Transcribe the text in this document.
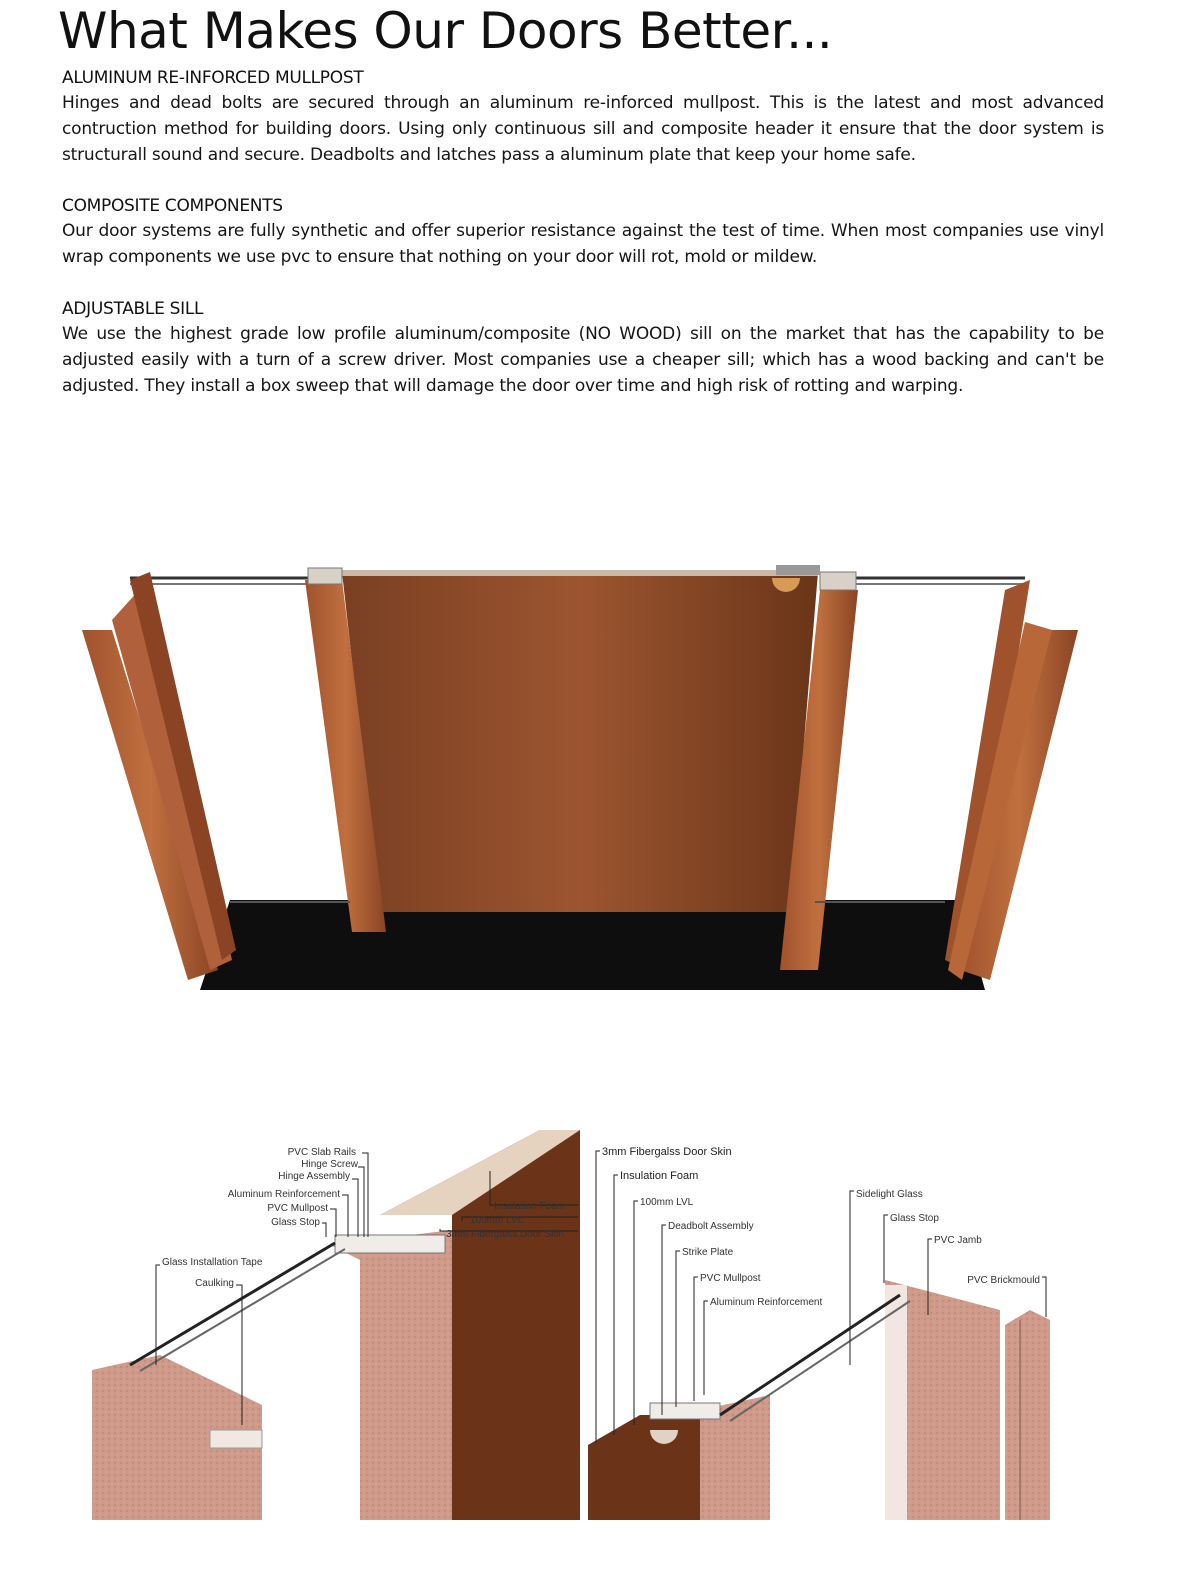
What Makes Our Doors Better...
ALUMINUM RE-INFORCED MULLPOST

Hinges and dead bolts are secured through an aluminum re-inforced mullpost. This is the latest and most advanced contruction method for building doors. Using only continuous sill and composite header it ensure that the door system is structurall sound and secure. Deadbolts and latches pass a aluminum plate that keep your home safe.

COMPOSITE COMPONENTS

Our door systems are fully synthetic and offer superior resistance against the test of time. When most companies use vinyl wrap components we use pvc to ensure that nothing on your door will rot, mold or mildew.

ADJUSTABLE SILL

We use the highest grade low profile aluminum/composite (NO WOOD) sill on the market that has the capability to be adjusted easily with a turn of a screw driver. Most companies use a cheaper sill; which has a wood backing and can't be adjusted. They install a box sweep that will damage the door over time and high risk of rotting and warping.

PVC Slab Rails
Hinge Screw
Hinge Assembly
Aluminum Reinforcement
PVC Mullpost
Glass Stop
Glass Installation Tape
Caulking
Insulation Foam
100mm LVL
3mm Fibergalss Door Skin
3mm Fibergalss Door Skin
Insulation Foam
100mm LVL
Deadbolt Assembly
Strike Plate
PVC Mullpost
Aluminum Reinforcement
Sidelight Glass
Glass Stop
PVC Jamb
PVC Brickmould
